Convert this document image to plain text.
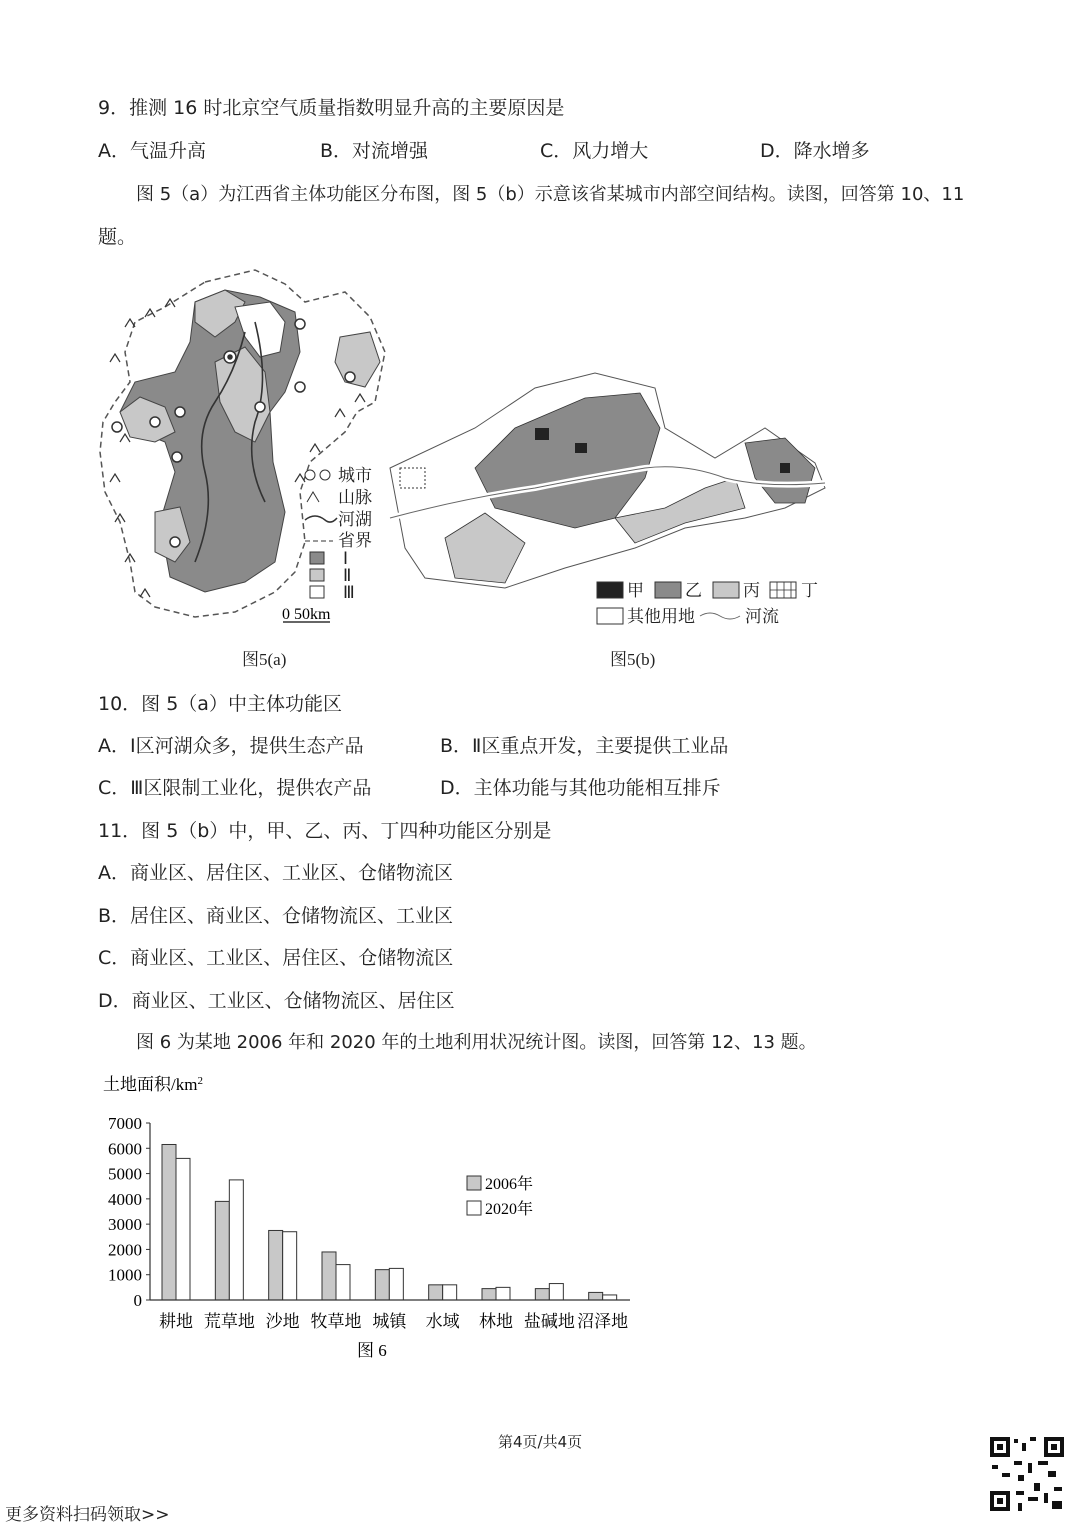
9．推测 16 时北京空气质量指数明显升高的主要原因是
A．气温升高	B．对流增强	C．风力增大	D．降水增多
图 5（a）为江西省主体功能区分布图，图 5（b）示意该省某城市内部空间结构。读图，回答第 10、11
题。
城市
山脉
河湖
省界
Ⅰ
Ⅱ
Ⅲ
0 50km
图5(a)
甲 乙 丙 丁
其他用地	河流
图5(b)
10．图 5（a）中主体功能区
A．Ⅰ区河湖众多，提供生态产品	B．Ⅱ区重点开发，主要提供工业品
C．Ⅲ区限制工业化，提供农产品	D．主体功能与其他功能相互排斥
11．图 5（b）中，甲、乙、丙、丁四种功能区分别是
A．商业区、居住区、工业区、仓储物流区
B．居住区、商业区、仓储物流区、工业区
C．商业区、工业区、居住区、仓储物流区
D．商业区、工业区、仓储物流区、居住区
图 6 为某地 2006 年和 2020 年的土地利用状况统计图。读图，回答第 12、13 题。
土地面积$/km^2$
0
1000
2000
3000
4000
5000
6000
7000
耕地 荒草地 沙地 牧草地 城镇 水域 林地 盐碱地 沼泽地
2006年
2020年
图 6
第4页/共4页
更多资料扫码领取>>
